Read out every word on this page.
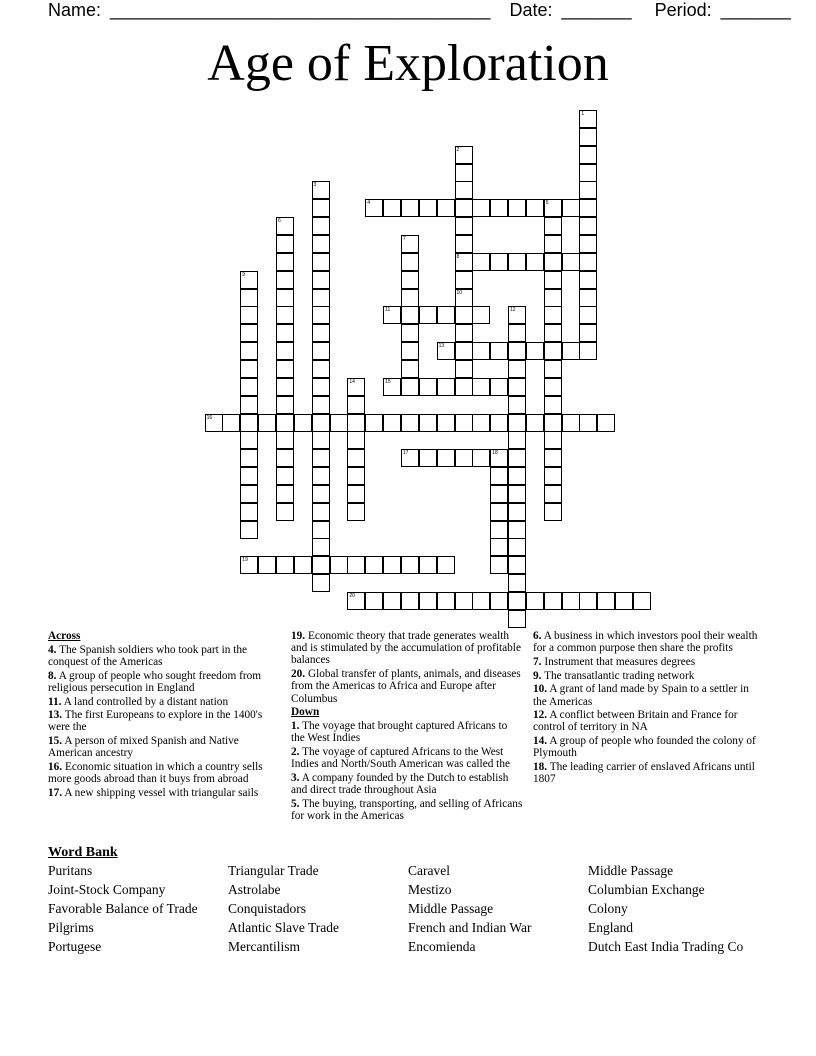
Name: ______________________________________ Date: _______ Period: _______
Age of Exploration
1
2
8
10
3
4	5
6
7
9
11	12
13
14	15
16
17	18
19
20

Across

4. The Spanish soldiers who took part in the conquest of the Americas

8. A group of people who sought freedom from religious persecution in England

11. A land controlled by a distant nation

13. The first Europeans to explore in the 1400's were the

15. A person of mixed Spanish and Native American ancestry

16. Economic situation in which a country sells more goods abroad than it buys from abroad

17. A new shipping vessel with triangular sails

19. Economic theory that trade generates wealth and is stimulated by the accumulation of profitable balances

20. Global transfer of plants, animals, and diseases from the Americas to Africa and Europe after Columbus

Down

1. The voyage that brought captured Africans to the West Indies

2. The voyage of captured Africans to the West Indies and North/South American was called the

3. A company founded by the Dutch to establish and direct trade throughout Asia

5. The buying, transporting, and selling of Africans for work in the Americas

6. A business in which investors pool their wealth for a common purpose then share the profits

7. Instrument that measures degrees

9. The transatlantic trading network

10. A grant of land made by Spain to a settler in the Americas

12. A conflict between Britain and France for control of territory in NA

14. A group of people who founded the colony of Plymouth

18. The leading carrier of enslaved Africans until 1807

Word Bank
Puritans
Joint-Stock Company
Favorable Balance of Trade
Pilgrims
Portugese
Triangular Trade
Astrolabe
Conquistadors
Atlantic Slave Trade
Mercantilism
Caravel
Mestizo
Middle Passage
French and Indian War
Encomienda
Middle Passage
Columbian Exchange
Colony
England
Dutch East India Trading Co
